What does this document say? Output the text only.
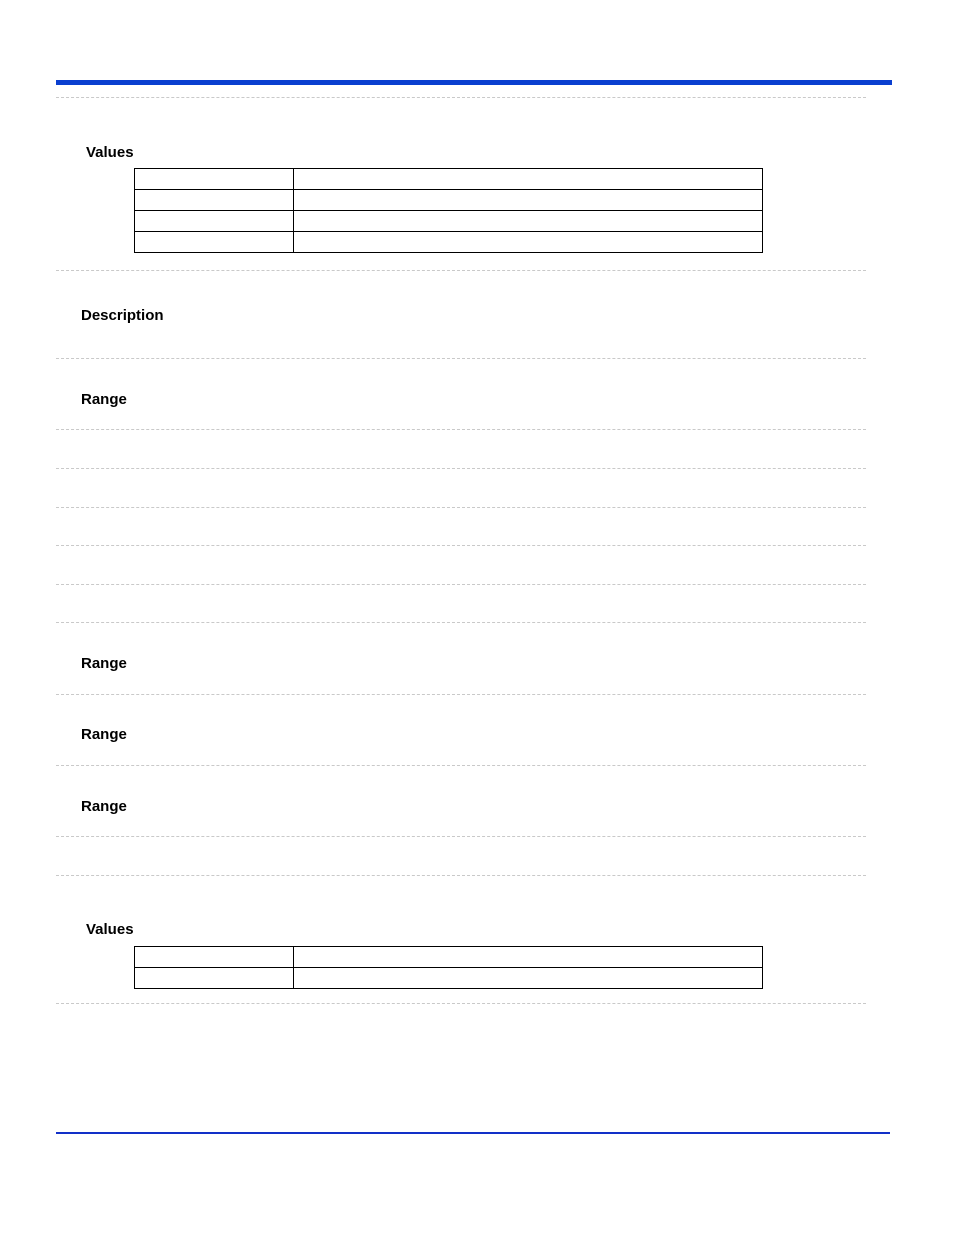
Values

Description

Range

Range

Range

Range

Values
